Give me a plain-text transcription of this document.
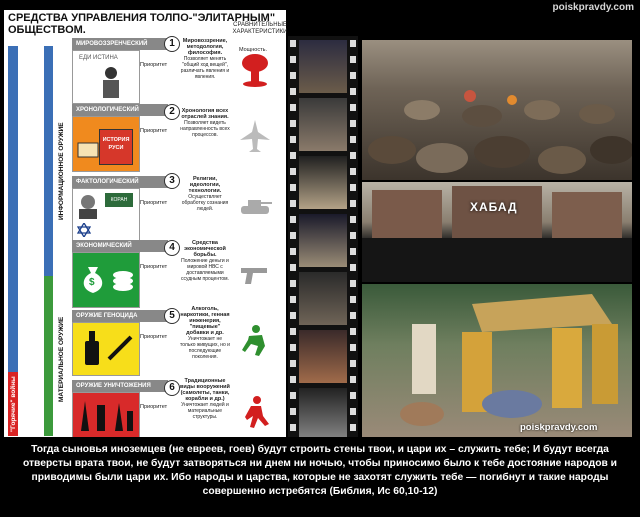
poiskpravdy.com
"Холодные" войны или "культурное сотрудничество"
ИНФОРМАЦИОННОЕ ОРУЖИЕ
МАТЕРИАЛЬНОЕ ОРУЖИЕ
"Горячие" войны
Мощность.
СРЕДСТВА УПРАВЛЕНИЯ ТОЛПО-"ЭЛИТАРНЫМ" ОБЩЕСТВОМ.	СРАВНИТЕЛЬНЫЕ ХАРАКТЕРИСТИКИ
МИРОВОЗЗРЕНЧЕСКИЙ
ЕДИ ИСТИНА
Приоритет
1	Мировоззрение, методология, философия.
Позволяет менять "общий ход вещей", различать явления и явления.
ХРОНОЛОГИЧЕСКИЙ
ИСТОРИЯ РУСИ
Приоритет
2	Хронология всех отраслей знания.
Позволяет видеть направленность всех процессов.
ФАКТОЛОГИЧЕСКИЙ
КОРАН	Приоритет
3	Религии, идеологии, технологии.
Осуществляет обработку сознания людей.
ЭКОНОМИЧЕСКИЙ
$
Приоритет
4	Средства экономической борьбы.
Положение деньги и мировой НВС с доставляемыми ссудным процентом.
ОРУЖИЕ ГЕНОЦИДА
Приоритет
5
Алкоголь, наркотики, генная инженерия, "пищевые" добавки и др.
Уничтожает не только живущих, но и последующие поколения.
ОРУЖИЕ УНИЧТОЖЕНИЯ
Приоритет
6
Традиционные виды вооружений (самолеты, танки, корабли и др.)
Уничтожает людей и материальные структуры.
ХАБАД
poiskpravdy.com
Тогда сыновья иноземцев (не евреев, гоев) будут строить стены твои, и цари их – служить тебе; И будут всегда отверсты врата твои, не будут затворяться ни днем ни ночью, чтобы приносимо было к тебе достояние народов и приводимы были цари их. Ибо народы и царства, которые не захотят служить тебе — погибнут и такие народы совершенно истребятся (Библия, Ис 60,10-12)
